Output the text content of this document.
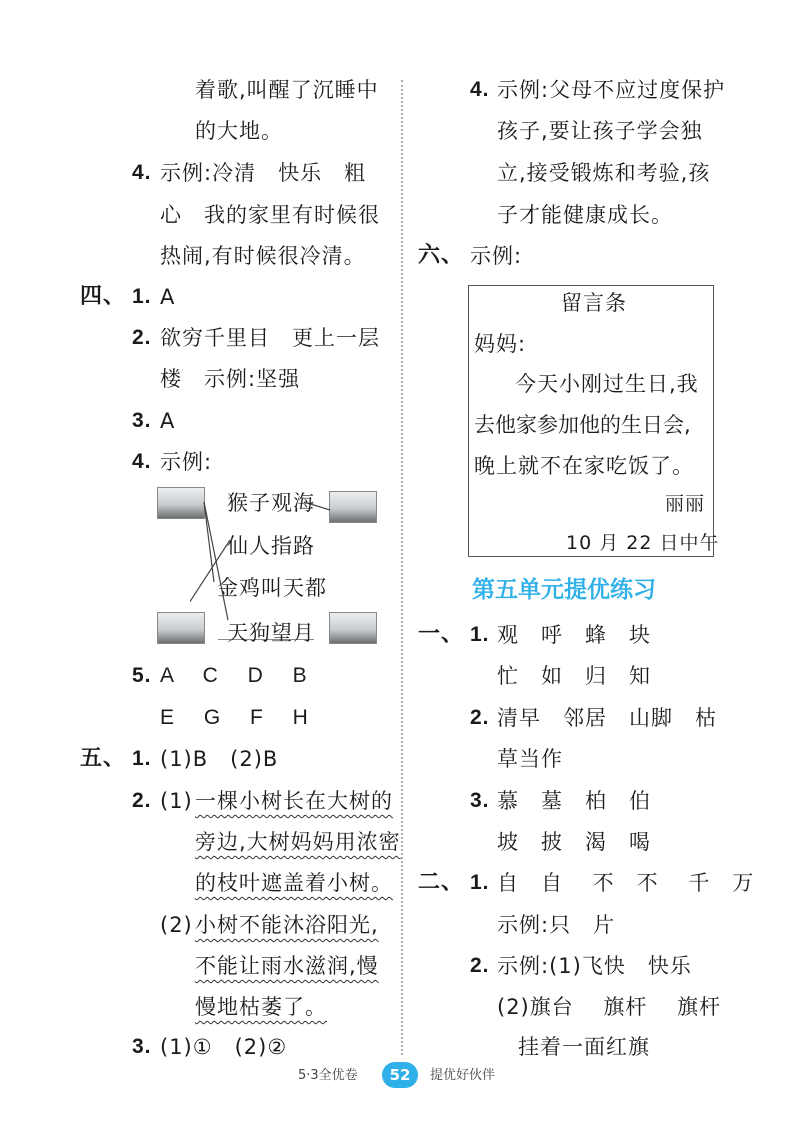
着歌,叫醒了沉睡中
的大地。
4. 示例:冷清　快乐　粗
心　我的家里有时候很
热闹,有时候很冷清。
四、 1. A
2. 欲穷千里目　更上一层
楼　示例:坚强
3. A
4. 示例:
猴子观海
仙人指路
金鸡叫天都
天狗望月
5. A　 C　 D　 B
E　 G　 F　 H
五、 1. (1)B　(2)B
2. (1) 一棵小树长在大树的
旁边,大树妈妈用浓密
的枝叶遮盖着小树。
(2) 小树不能沐浴阳光,
不能让雨水滋润,慢
慢地枯萎了。
3. (1)①　(2)②
4. 示例:父母不应过度保护
孩子,要让孩子学会独
立,接受锻炼和考验,孩
子才能健康成长。
六、 示例:
留言条
妈妈:
今天小刚过生日,我
去他家参加他的生日会,
晚上就不在家吃饭了。
丽丽
10 月 22 日中午
第五单元提优练习
一、 1. 观　呼　蜂　块
忙　如　归　知
2. 清早　邻居　山脚　枯
草当作
3. 慕　墓　柏　伯
坡　披　渴　喝
二、 1. 自　自　 不　不　 千　万
示例:只　片
2. 示例:(1)飞快　快乐
(2)旗台　 旗杆　 旗杆
挂着一面红旗
5·3全优卷	52	提优好伙伴
